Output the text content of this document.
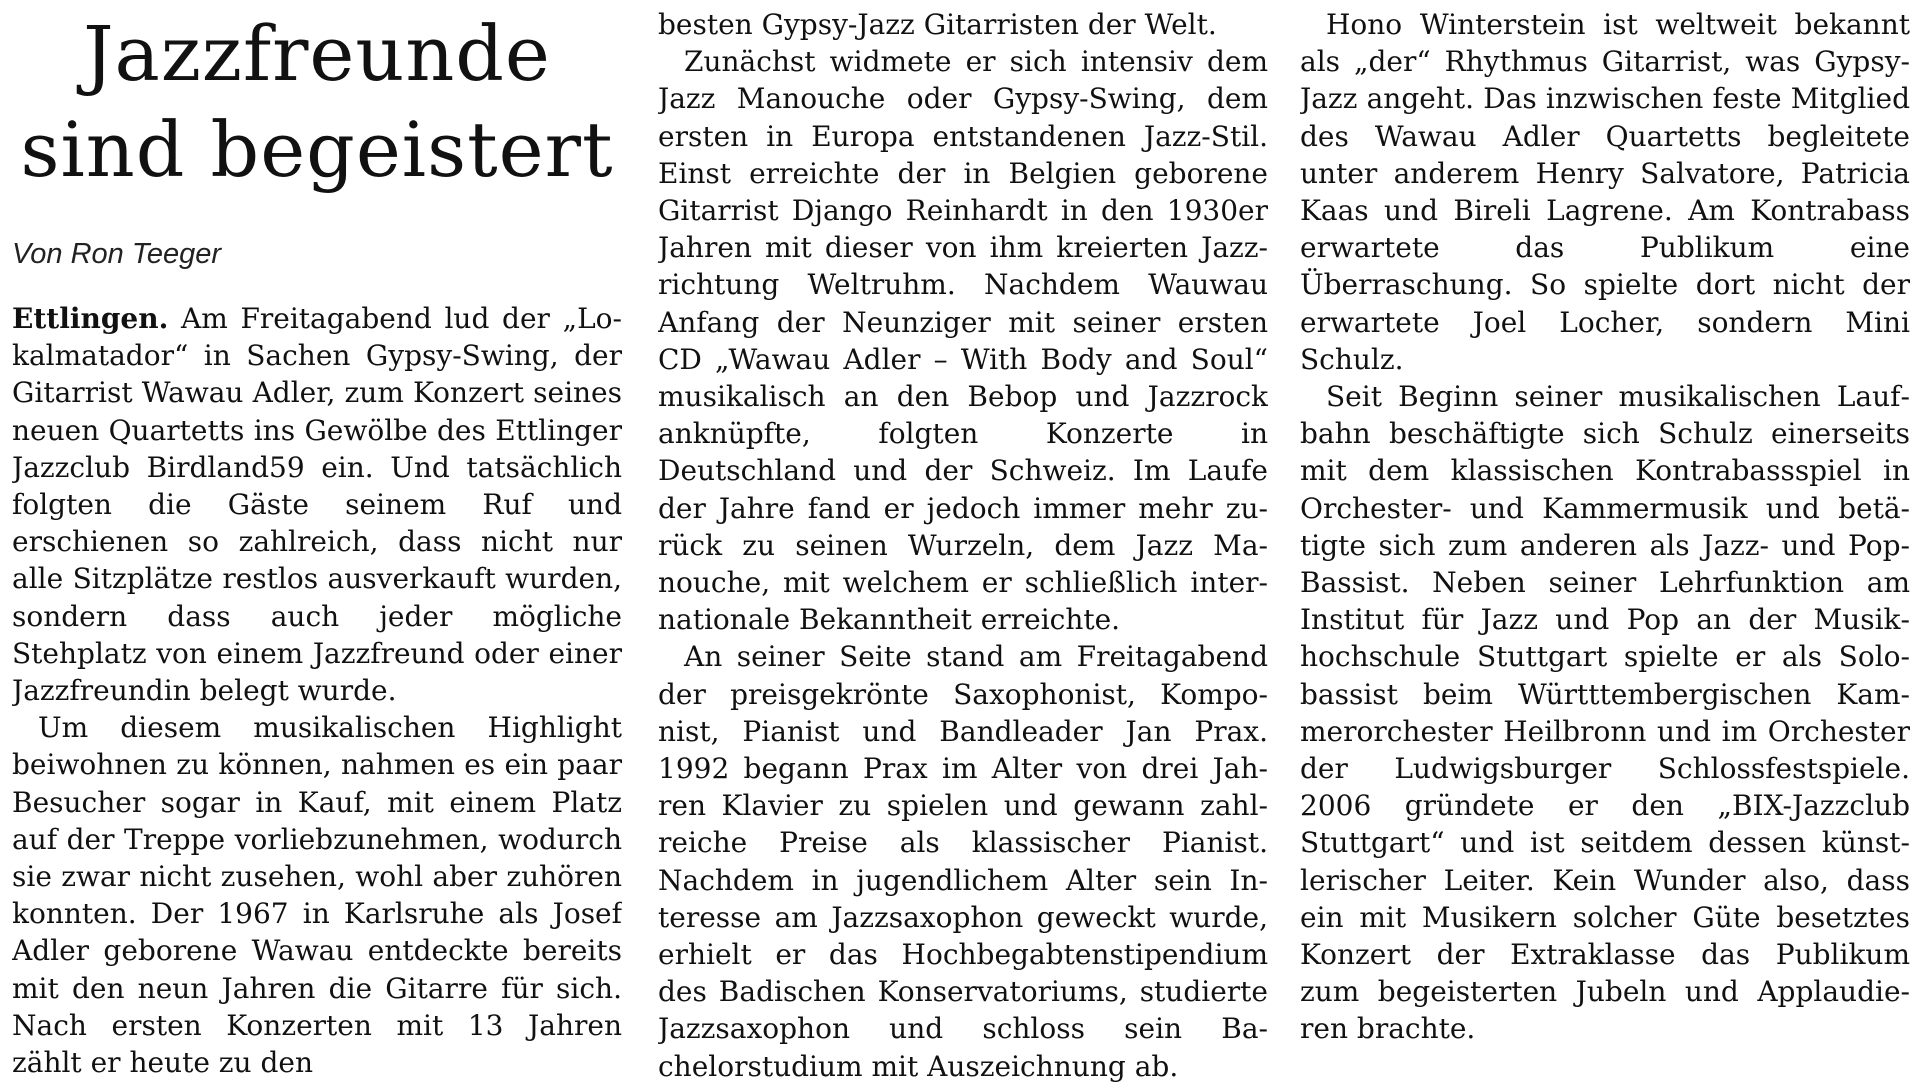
Jazzfreunde
sind begeistert
Von Ron Teeger

Ettlingen. Am Freitagabend lud der „Lokalmatador“ in Sachen Gypsy-Swing, der Gitarrist Wawau Adler, zum Konzert seines neuen Quartetts ins Gewölbe des Ettlinger Jazzclub Birdland59 ein. Und tatsächlich folgten die Gäste seinem Ruf und erschienen so zahlreich, dass nicht nur alle Sitzplätze restlos ausverkauft wurden, sondern dass auch jeder mögliche Stehplatz von einem Jazzfreund oder einer Jazzfreundin belegt wurde.

Um diesem musikalischen Highlight beiwohnen zu können, nahmen es ein paar Besucher sogar in Kauf, mit einem Platz auf der Treppe vorliebzunehmen, wodurch sie zwar nicht zusehen, wohl aber zuhören konnten. Der 1967 in Karlsruhe als Josef Adler geborene Wawau entdeckte bereits mit den neun Jahren die Gitarre für sich. Nach ersten Konzerten mit 13 Jahren zählt er heute zu den

besten Gypsy-Jazz Gitarristen der Welt.

Zunächst widmete er sich intensiv dem Jazz Manouche oder Gypsy-Swing, dem ersten in Europa entstandenen Jazz-Stil. Einst erreichte der in Belgien geborene Gitarrist Django Reinhardt in den 1930er Jahren mit dieser von ihm kreierten Jazzrichtung Weltruhm. Nachdem Wauwau Anfang der Neunziger mit seiner ersten CD „Wawau Adler – With Body and Soul“ musikalisch an den Bebop und Jazzrock anknüpfte, folgten Konzerte in Deutschland und der Schweiz. Im Laufe der Jahre fand er jedoch immer mehr zurück zu seinen Wurzeln, dem Jazz Manouche, mit welchem er schließlich internationale Bekanntheit erreichte.

An seiner Seite stand am Freitagabend der preisgekrönte Saxophonist, Komponist, Pianist und Bandleader Jan Prax. 1992 begann Prax im Alter von drei Jahren Klavier zu spielen und gewann zahlreiche Preise als klassischer Pianist. Nachdem in jugendlichem Alter sein Interesse am Jazzsaxophon geweckt wurde, erhielt er das Hochbegabtenstipendium des Badischen Konservatoriums, studierte Jazzsaxophon und schloss sein Bachelorstudium mit Auszeichnung ab.

Hono Winterstein ist weltweit bekannt als „der“ Rhythmus Gitarrist, was Gypsy-Jazz angeht. Das inzwischen feste Mitglied des Wawau Adler Quartetts begleitete unter anderem Henry Salvatore, Patricia Kaas und Bireli Lagrene. Am Kontrabass erwartete das Publikum eine Überraschung. So spielte dort nicht der erwartete Joel Locher, sondern Mini Schulz.

Seit Beginn seiner musikalischen Laufbahn beschäftigte sich Schulz einerseits mit dem klassischen Kontrabassspiel in Orchester- und Kammermusik und betätigte sich zum anderen als Jazz- und Pop-Bassist. Neben seiner Lehrfunktion am Institut für Jazz und Pop an der Musikhochschule Stuttgart spielte er als Solobassist beim Württtembergischen Kammerorchester Heilbronn und im Orchester der Ludwigsburger Schlossfestspiele. 2006 gründete er den „BIX-Jazzclub Stuttgart“ und ist seitdem dessen künstlerischer Leiter. Kein Wunder also, dass ein mit Musikern solcher Güte besetztes Konzert der Extraklasse das Publikum zum begeisterten Jubeln und Applaudieren brachte.
